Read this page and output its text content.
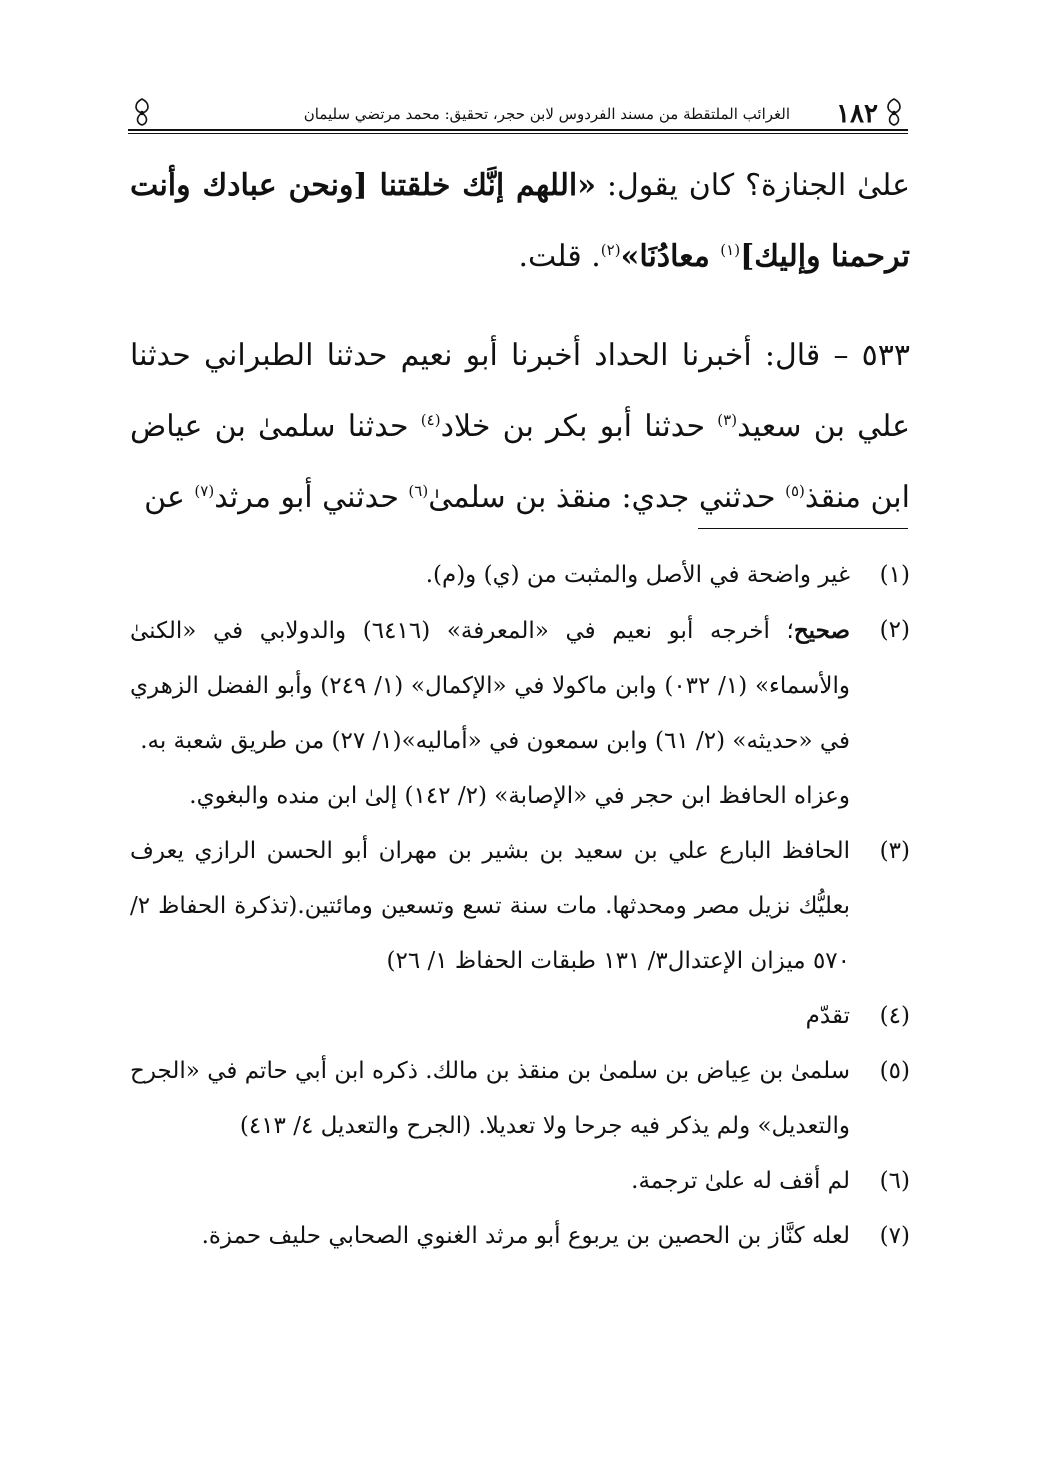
١٨٢
الغرائب الملتقطة من مسند الفردوس لابن حجر، تحقيق: محمد مرتضي سليمان

علىٰ الجنازة؟ كان يقول: «اللهم إنَّك خلقتنا [ونحن عبادك وأنت ترحمنا وإليك]$^{(١)}$ معادُنَا»$^{(٢)}$. قلت.

٥٣٣ – قال: أخبرنا الحداد أخبرنا أبو نعيم حدثنا الطبراني حدثنا علي بن سعيد$^{(٣)}$ حدثنا أبو بكر بن خلاد$^{(٤)}$ حدثنا سلمىٰ بن عياض ابن منقذ$^{(٥)}$ حدثني جدي: منقذ بن سلمىٰ$^{(٦)}$ حدثني أبو مرثد$^{(٧)}$ عن

(١)
غير واضحة في الأصل والمثبت من (ي) و(م).
(٢)
صحيح؛ أخرجه أبو نعيم في «المعرفة» (٦٤١٦) والدولابي في «الكنىٰ والأسماء» (١/ ٠٣٢) وابن ماكولا في «الإكمال» (١/ ٢٤٩) وأبو الفضل الزهري في «حديثه» (٢/ ٦١) وابن سمعون في «أماليه»(١/ ٢٧) من طريق شعبة به.
وعزاه الحافظ ابن حجر في «الإصابة» (٢/ ١٤٢) إلىٰ ابن منده والبغوي.
(٣)
الحافظ البارع علي بن سعيد بن بشير بن مهران أبو الحسن الرازي يعرف بعليُّك نزيل مصر ومحدثها. مات سنة تسع وتسعين ومائتين.(تذكرة الحفاظ ٢/ ٥٧٠ ميزان الإعتدال٣/ ١٣١ طبقات الحفاظ ١/ ٢٦)
(٤)
تقدّم
(٥)
سلمىٰ بن عِياض بن سلمىٰ بن منقذ بن مالك. ذكره ابن أبي حاتم في «الجرح والتعديل» ولم يذكر فيه جرحا ولا تعديلا. (الجرح والتعديل ٤/ ٤١٣)
(٦)
لم أقف له علىٰ ترجمة.
(٧)
لعله كنَّاز بن الحصين بن يربوع أبو مرثد الغنوي الصحابي حليف حمزة.
